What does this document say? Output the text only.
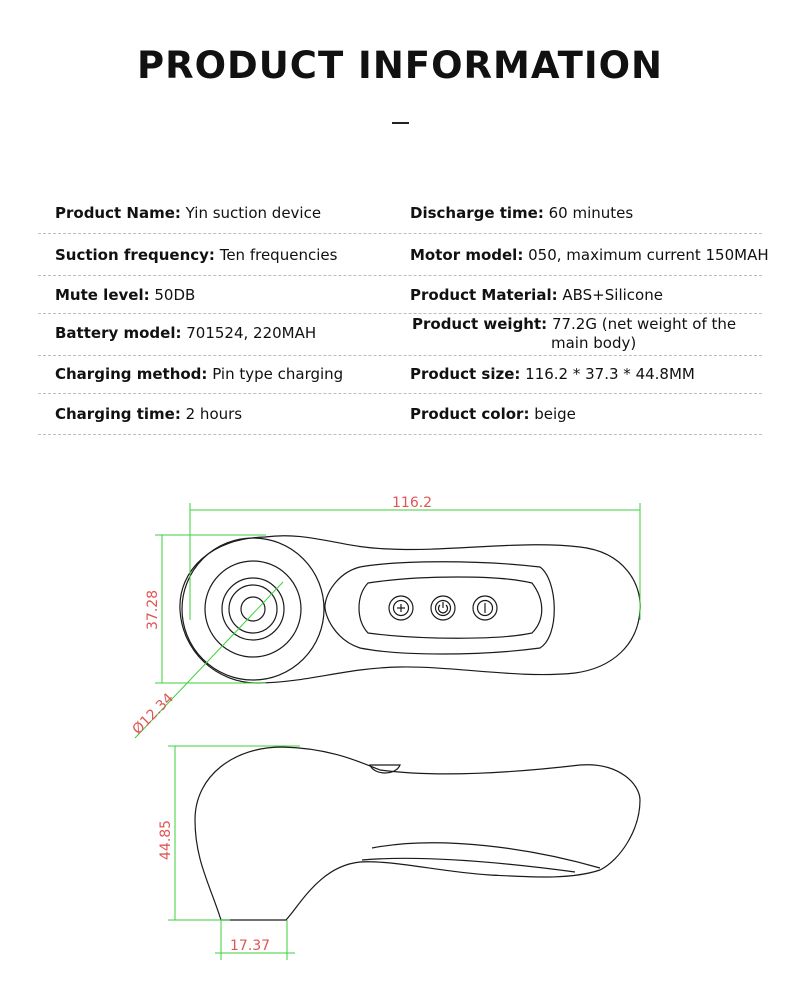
PRODUCT INFORMATION
Product Name: Yin suction device
Suction frequency: Ten frequencies
Mute level: 50DB
Battery model: 701524, 220MAH
Charging method: Pin type charging
Charging time: 2 hours
Discharge time: 60 minutes
Motor model: 050, maximum current 150MAH
Product Material: ABS+Silicone
Product weight: 77.2G (net weight of the
main body)
Product size: 116.2 * 37.3 * 44.8MM
Product color: beige
116.2
37.28
Ø12.34
44.85
17.37
